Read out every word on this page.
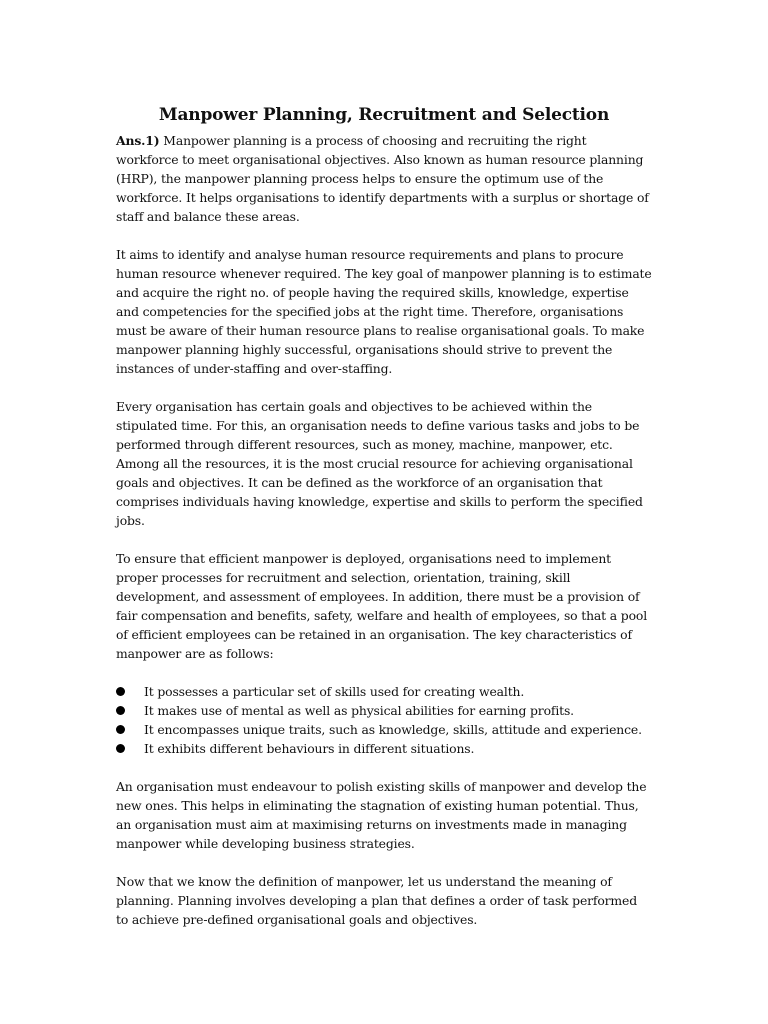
Manpower Planning, Recruitment and Selection

Ans.1) Manpower planning is a process of choosing and recruiting the right workforce to meet organisational objectives. Also known as human resource planning (HRP), the manpower planning process helps to ensure the optimum use of the workforce. It helps organisations to identify departments with a surplus or shortage of staff and balance these areas.

It aims to identify and analyse human resource requirements and plans to procure human resource whenever required. The key goal of manpower planning is to estimate and acquire the right no. of people having the required skills, knowledge, expertise and competencies for the specified jobs at the right time. Therefore, organisations must be aware of their human resource plans to realise organisational goals. To make manpower planning highly successful, organisations should strive to prevent the instances of under-staffing and over-staffing.

Every organisation has certain goals and objectives to be achieved within the stipulated time. For this, an organisation needs to define various tasks and jobs to be performed through different resources, such as money, machine, manpower, etc. Among all the resources, it is the most crucial resource for achieving organisational goals and objectives. It can be defined as the workforce of an organisation that comprises individuals having knowledge, expertise and skills to perform the specified jobs.

To ensure that efficient manpower is deployed, organisations need to implement proper processes for recruitment and selection, orientation, training, skill development, and assessment of employees. In addition, there must be a provision of fair compensation and benefits, safety, welfare and health of employees, so that a pool of efficient employees can be retained in an organisation. The key characteristics of manpower are as follows:

It possesses a particular set of skills used for creating wealth.
It makes use of mental as well as physical abilities for earning profits.
It encompasses unique traits, such as knowledge, skills, attitude and experience.
It exhibits different behaviours in different situations.

An organisation must endeavour to polish existing skills of manpower and develop the new ones. This helps in eliminating the stagnation of existing human potential. Thus, an organisation must aim at maximising returns on investments made in managing manpower while developing business strategies.

Now that we know the definition of manpower, let us understand the meaning of planning. Planning involves developing a plan that defines a order of task performed to achieve pre-defined organisational goals and objectives.
